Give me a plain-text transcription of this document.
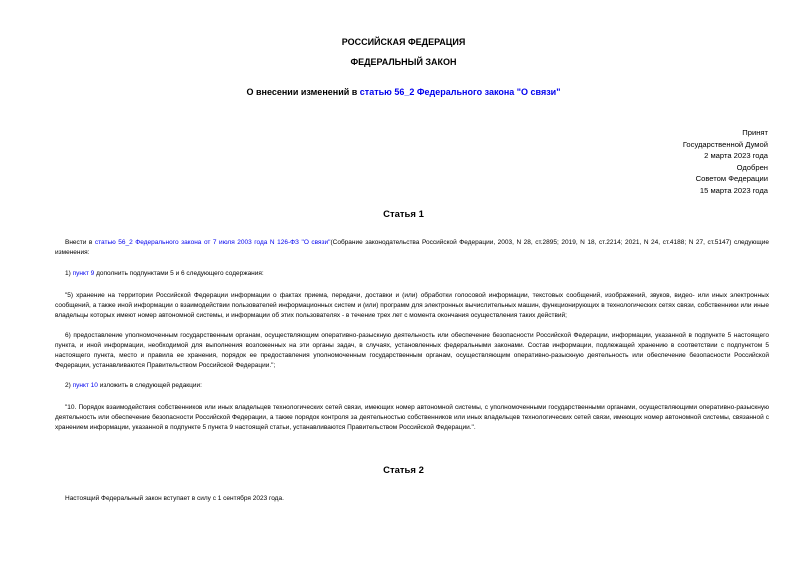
РОССИЙСКАЯ ФЕДЕРАЦИЯ
ФЕДЕРАЛЬНЫЙ ЗАКОН
О внесении изменений в статью 56_2 Федерального закона "О связи"
Принят
Государственной Думой
2 марта 2023 года
Одобрен
Советом Федерации
15 марта 2023 года
Статья 1
Внести в статью 56_2 Федерального закона от 7 июля 2003 года N 126-ФЗ "О связи"(Собрание законодательства Российской Федерации, 2003, N 28, ст.2895; 2019, N 18, ст.2214; 2021, N 24, ст.4188; N 27, ст.5147) следующие изменения:
1) пункт 9 дополнить подпунктами 5 и 6 следующего содержания:
"5) хранение на территории Российской Федерации информации о фактах приема, передачи, доставки и (или) обработки голосовой информации, текстовых сообщений, изображений, звуков, видео- или иных электронных сообщений, а также иной информации о взаимодействии пользователей информационных систем и (или) программ для электронных вычислительных машин, функционирующих в технологических сетях связи, собственники или иные владельцы которых имеют номер автономной системы, и информации об этих пользователях - в течение трех лет с момента окончания осуществления таких действий;
6) предоставление уполномоченным государственным органам, осуществляющим оперативно-разыскную деятельность или обеспечение безопасности Российской Федерации, информации, указанной в подпункте 5 настоящего пункта, и иной информации, необходимой для выполнения возложенных на эти органы задач, в случаях, установленных федеральными законами. Состав информации, подлежащей хранению в соответствии с подпунктом 5 настоящего пункта, место и правила ее хранения, порядок ее предоставления уполномоченным государственным органам, осуществляющим оперативно-разыскную деятельность или обеспечение безопасности Российской Федерации, устанавливаются Правительством Российской Федерации.";
2) пункт 10 изложить в следующей редакции:
"10. Порядок взаимодействия собственников или иных владельцев технологических сетей связи, имеющих номер автономной системы, с уполномоченными государственными органами, осуществляющими оперативно-разыскную деятельность или обеспечение безопасности Российской Федерации, а также порядок контроля за деятельностью собственников или иных владельцев технологических сетей связи, имеющих номер автономной системы, связанной с хранением информации, указанной в подпункте 5 пункта 9 настоящей статьи, устанавливаются Правительством Российской Федерации.".
Статья 2
Настоящий Федеральный закон вступает в силу с 1 сентября 2023 года.
